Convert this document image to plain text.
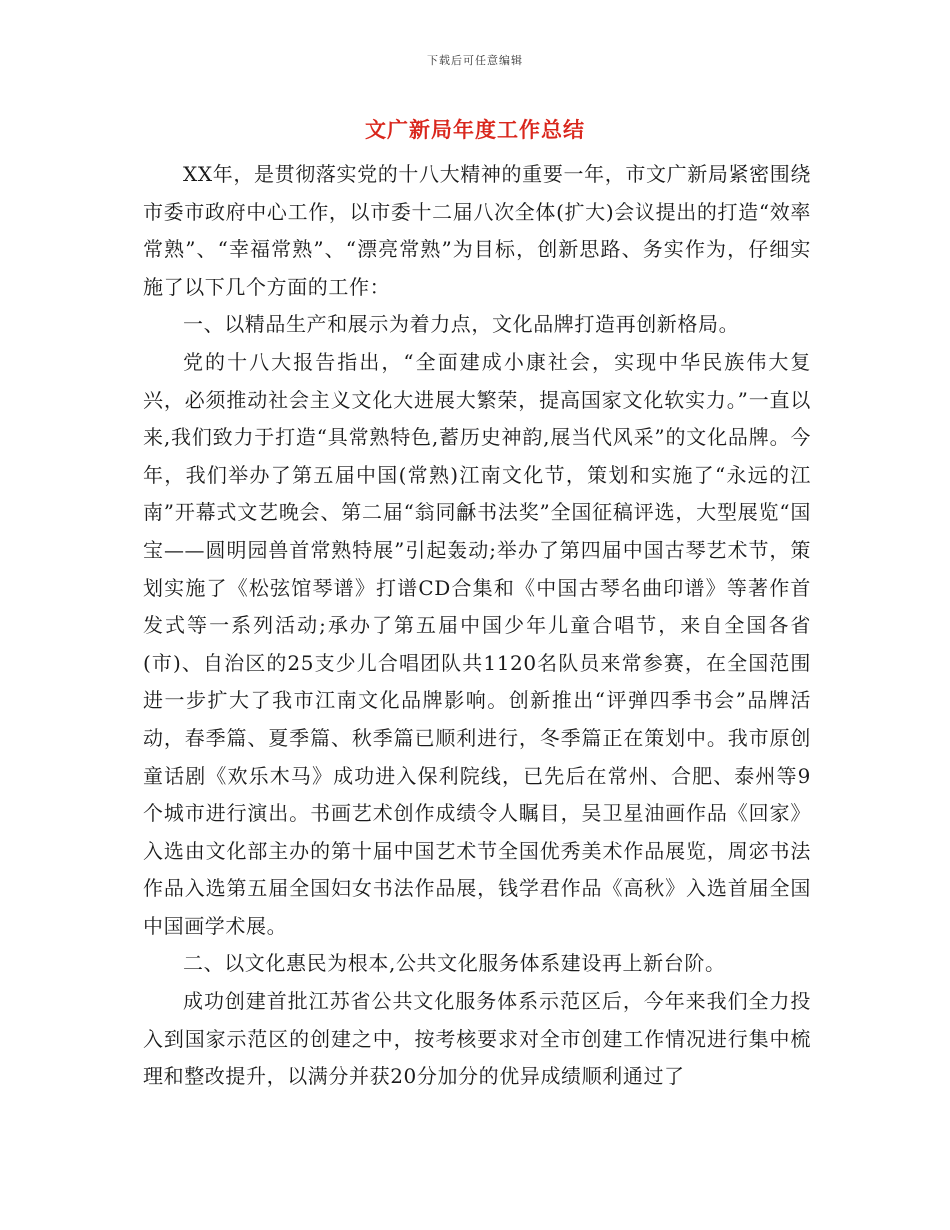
下载后可任意编辑
文广新局年度工作总结

XX年，是贯彻落实党的十八大精神的重要一年，市文广新局紧密围绕市委市政府中心工作，以市委十二届八次全体(扩大)会议提出的打造“效率常熟”、“幸福常熟”、“漂亮常熟”为目标，创新思路、务实作为，仔细实施了以下几个方面的工作：

一、以精品生产和展示为着力点，文化品牌打造再创新格局。

党的十八大报告指出，“全面建成小康社会，实现中华民族伟大复兴，必须推动社会主义文化大进展大繁荣，提高国家文化软实力。”一直以来,我们致力于打造“具常熟特色,蓄历史神韵,展当代风采”的文化品牌。今年，我们举办了第五届中国(常熟)江南文化节，策划和实施了“永远的江南”开幕式文艺晚会、第二届“翁同龢书法奖”全国征稿评选，大型展览“国宝——圆明园兽首常熟特展”引起轰动;举办了第四届中国古琴艺术节，策划实施了《松弦馆琴谱》打谱CD合集和《中国古琴名曲印谱》等著作首发式等一系列活动;承办了第五届中国少年儿童合唱节，来自全国各省(市)、自治区的25支少儿合唱团队共1120名队员来常参赛，在全国范围进一步扩大了我市江南文化品牌影响。创新推出“评弹四季书会”品牌活动，春季篇、夏季篇、秋季篇已顺利进行，冬季篇正在策划中。我市原创童话剧《欢乐木马》成功进入保利院线，已先后在常州、合肥、泰州等9个城市进行演出。书画艺术创作成绩令人瞩目，吴卫星油画作品《回家》入选由文化部主办的第十届中国艺术节全国优秀美术作品展览，周宓书法作品入选第五届全国妇女书法作品展，钱学君作品《高秋》入选首届全国中国画学术展。

二、以文化惠民为根本,公共文化服务体系建设再上新台阶。

成功创建首批江苏省公共文化服务体系示范区后，今年来我们全力投入到国家示范区的创建之中，按考核要求对全市创建工作情况进行集中梳理和整改提升，以满分并获20分加分的优异成绩顺利通过了
